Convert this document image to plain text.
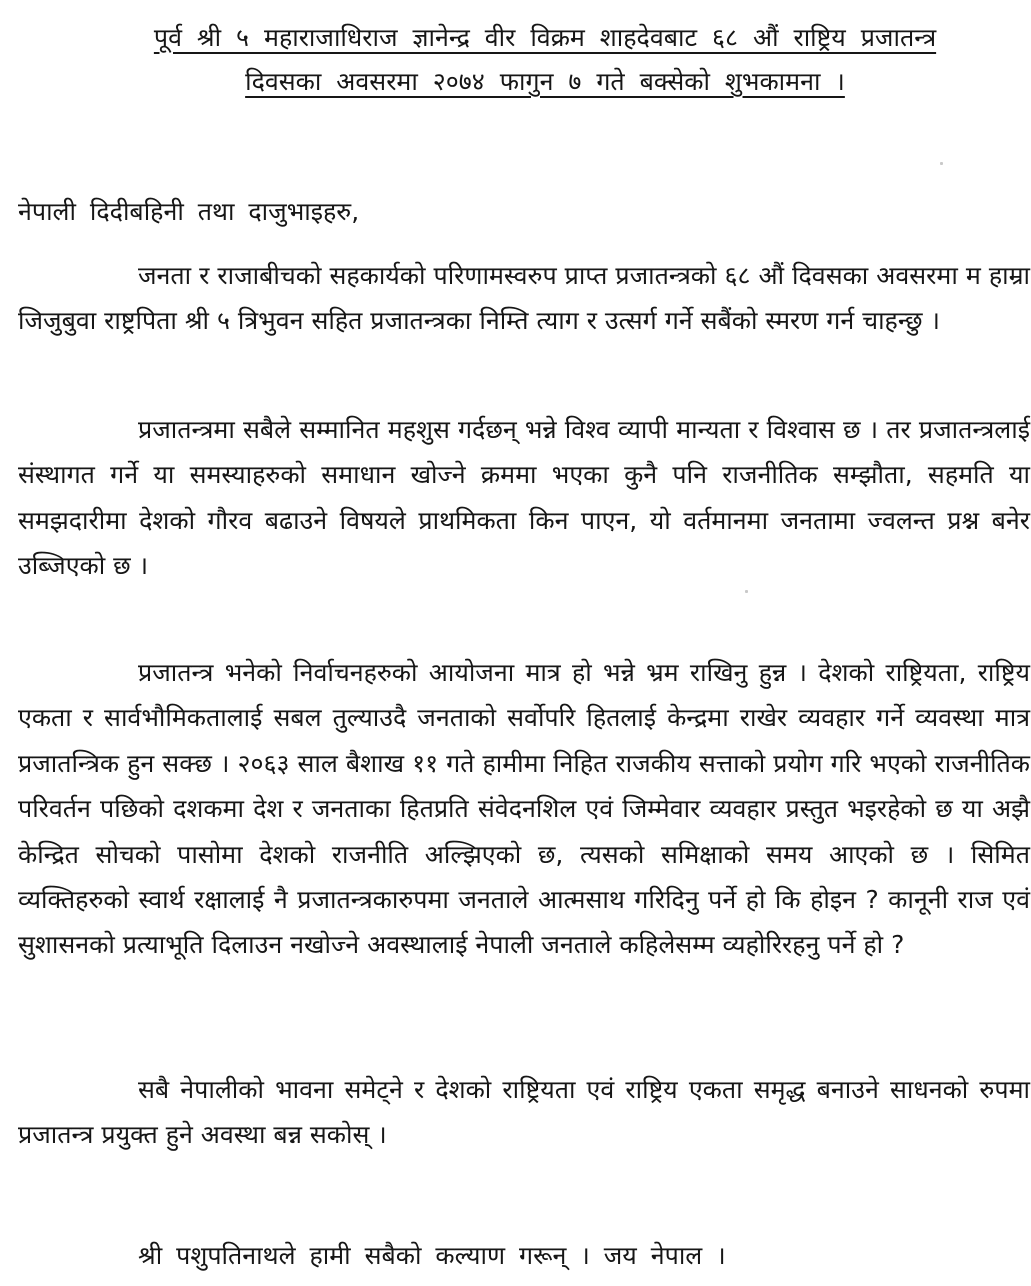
पूर्व श्री ५ महाराजाधिराज ज्ञानेन्द्र वीर विक्रम शाहदेवबाट ६८ औं राष्ट्रिय प्रजातन्त्र
दिवसका अवसरमा २०७४ फागुन ७ गते बक्सेको शुभकामना ।
नेपाली दिदीबहिनी तथा दाजुभाइहरु,

जनता र राजाबीचको सहकार्यको परिणामस्वरुप प्राप्त प्रजातन्त्रको ६८ औं दिवसका अवसरमा म हाम्रा जिजुबुवा राष्ट्रपिता श्री ५ त्रिभुवन सहित प्रजातन्त्रका निम्ति त्याग र उत्सर्ग गर्ने सबैंको स्मरण गर्न चाहन्छु ।

प्रजातन्त्रमा सबैले सम्मानित महशुस गर्दछन् भन्ने विश्व व्यापी मान्यता र विश्वास छ । तर प्रजातन्त्रलाई संस्थागत गर्ने या समस्याहरुको समाधान खोज्ने क्रममा भएका कुनै पनि राजनीतिक सम्झौता, सहमति या समझदारीमा देशको गौरव बढाउने विषयले प्राथमिकता किन पाएन, यो वर्तमानमा जनतामा ज्वलन्त प्रश्न बनेर उब्जिएको छ ।

प्रजातन्त्र भनेको निर्वाचनहरुको आयोजना मात्र हो भन्ने भ्रम राखिनु हुन्न । देशको राष्ट्रियता, राष्ट्रिय एकता र सार्वभौमिकतालाई सबल तुल्याउदै जनताको सर्वोपरि हितलाई केन्द्रमा राखेर व्यवहार गर्ने व्यवस्था मात्र प्रजातन्त्रिक हुन सक्छ । २०६३ साल बैशाख ११ गते हामीमा निहित राजकीय सत्ताको प्रयोग गरि भएको राजनीतिक परिवर्तन पछिको दशकमा देश र जनताका हितप्रति संवेदनशिल एवं जिम्मेवार व्यवहार प्रस्तुत भइरहेको छ या अझै केन्द्रित सोचको पासोमा देशको राजनीति अल्झिएको छ, त्यसको समिक्षाको समय आएको छ । सिमित व्यक्तिहरुको स्वार्थ रक्षालाई नै प्रजातन्त्रकारुपमा जनताले आत्मसाथ गरिदिनु पर्ने हो कि होइन ? कानूनी राज एवं सुशासनको प्रत्याभूति दिलाउन नखोज्ने अवस्थालाई नेपाली जनताले कहिलेसम्म व्यहोरिरहनु पर्ने हो ?

सबै नेपालीको भावना समेट्ने र देशको राष्ट्रियता एवं राष्ट्रिय एकता समृद्ध बनाउने साधनको रुपमा प्रजातन्त्र प्रयुक्त हुने अवस्था बन्न सकोस् ।

श्री पशुपतिनाथले हामी सबैको कल्याण गरून् । जय नेपाल ।
